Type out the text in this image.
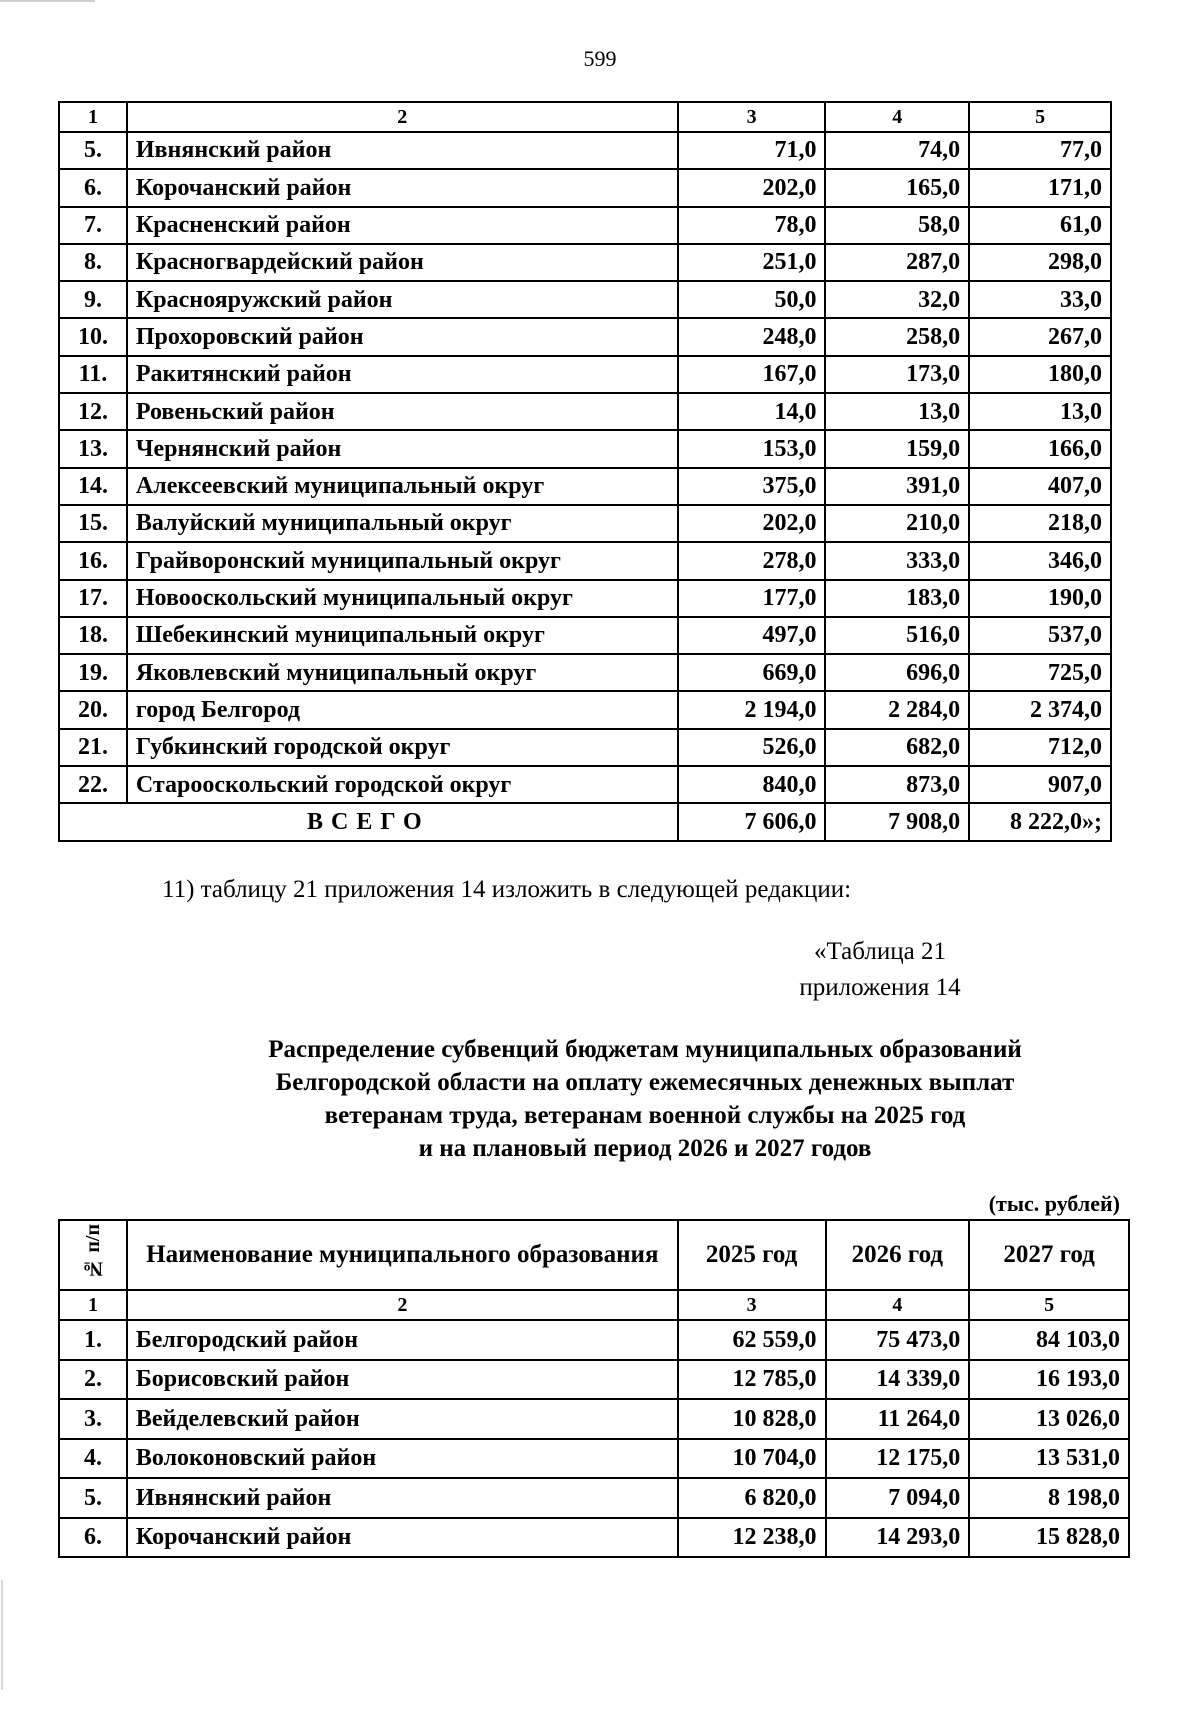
599
1	2	3	4	5
5.	Ивнянский район	71,0	74,0	77,0
6.	Корочанский район	202,0	165,0	171,0
7.	Красненский район	78,0	58,0	61,0
8.	Красногвардейский район	251,0	287,0	298,0
9.	Краснояружский район	50,0	32,0	33,0
10.	Прохоровский район	248,0	258,0	267,0
11.	Ракитянский район	167,0	173,0	180,0
12.	Ровеньский район	14,0	13,0	13,0
13.	Чернянский район	153,0	159,0	166,0
14.	Алексеевский муниципальный округ	375,0	391,0	407,0
15.	Валуйский муниципальный округ	202,0	210,0	218,0
16.	Грайворонский муниципальный округ	278,0	333,0	346,0
17.	Новооскольский муниципальный округ	177,0	183,0	190,0
18.	Шебекинский муниципальный округ	497,0	516,0	537,0
19.	Яковлевский муниципальный округ	669,0	696,0	725,0
20.	город Белгород	2 194,0	2 284,0	2 374,0
21.	Губкинский городской округ	526,0	682,0	712,0
22.	Старооскольский городской округ	840,0	873,0	907,0
ВСЕГО		7 606,0	7 908,0	8 222,0»;
11) таблицу 21 приложения 14 изложить в следующей редакции:
«Таблица 21
приложения 14
Распределение субвенций бюджетам муниципальных образований
Белгородской области на оплату ежемесячных денежных выплат
ветеранам труда, ветеранам военной службы на 2025 год
и на плановый период 2026 и 2027 годов
(тыс. рублей)
№ п/п	Наименование муниципального образования	2025 год	2026 год	2027 год
1	2	3	4	5
1.	Белгородский район	62 559,0	75 473,0	84 103,0
2.	Борисовский район	12 785,0	14 339,0	16 193,0
3.	Вейделевский район	10 828,0	11 264,0	13 026,0
4.	Волоконовский район	10 704,0	12 175,0	13 531,0
5.	Ивнянский район	6 820,0	7 094,0	8 198,0
6.	Корочанский район	12 238,0	14 293,0	15 828,0
